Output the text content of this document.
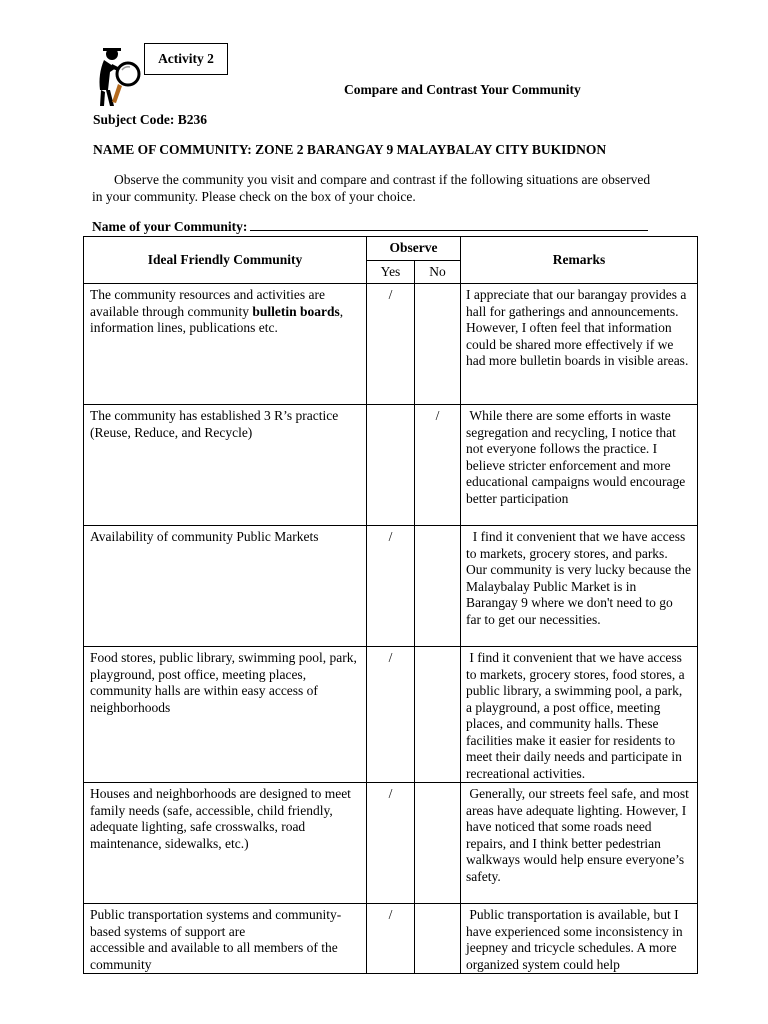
Activity 2
Compare and Contrast Your Community
Subject Code: B236
NAME OF COMMUNITY: ZONE 2 BARANGAY 9 MALAYBALAY CITY BUKIDNON
Observe the community you visit and compare and contrast if the following situations are observed in your community. Please check on the box of your choice.
Name of your Community:
Ideal Friendly Community	Observe		Remarks
	Yes	No	
The community resources and activities are available through community bulletin boards, information lines, publications etc.	/		I appreciate that our barangay provides a hall for gatherings and announcements. However, I often feel that information could be shared more effectively if we had more bulletin boards in visible areas.
The community has established 3 R’s practice (Reuse, Reduce, and Recycle)		/	While there are some efforts in waste segregation and recycling, I notice that not everyone follows the practice. I believe stricter enforcement and more educational campaigns would encourage better participation
Availability of community Public Markets	/		I find it convenient that we have access to markets, grocery stores, and parks. Our community is very lucky because the Malaybalay Public Market is in Barangay 9 where we don't need to go far to get our necessities.
Food stores, public library, swimming pool, park, playground, post office, meeting places, community halls are within easy access of neighborhoods	/		I find it convenient that we have access to markets, grocery stores, food stores, a public library, a swimming pool, a park, a playground, a post office, meeting places, and community halls. These facilities make it easier for residents to meet their daily needs and participate in recreational activities.
Houses and neighborhoods are designed to meet family needs (safe, accessible, child friendly, adequate lighting, safe crosswalks, road maintenance, sidewalks, etc.)	/		Generally, our streets feel safe, and most areas have adequate lighting. However, I have noticed that some roads need repairs, and I think better pedestrian walkways would help ensure everyone’s safety.
Public transportation systems and community-based systems of support are
accessible and available to all members of the community	/		Public transportation is available, but I have experienced some inconsistency in jeepney and tricycle schedules. A more organized system could help
